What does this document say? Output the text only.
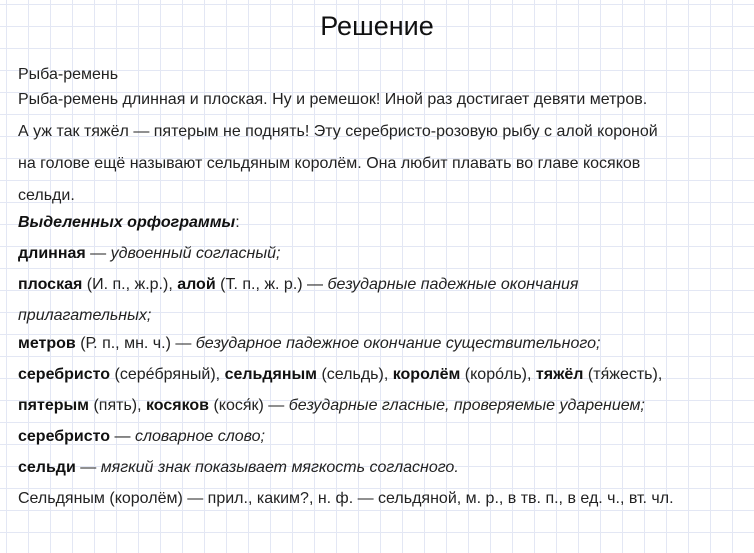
Решение
Рыба-ремень
Рыба-ремень длинная и плоская. Ну и ремешок! Иной раз достигает девяти метров.
А уж так тяжёл — пятерым не поднять! Эту серебристо-розовую рыбу с алой короной
на голове ещё называют сельдяным королём. Она любит плавать во главе косяков
сельди.
Выделенных орфограммы:
длинная — удвоенный согласный;
плоская (И. п., ж.р.), алой (Т. п., ж. р.) — безударные падежные окончания
прилагательных;
метров (Р. п., мн. ч.) — безударное падежное окончание существительного;
серебристо (серéбряный), сельдяным (сельдь), королём (корóль), тяжёл (тя́жесть),
пятерым (пять), косяков (кося́к) — безударные гласные, проверяемые ударением;
серебристо — словарное слово;
сельди — мягкий знак показывает мягкость согласного.
Сельдяным (королём) — прил., каким?, н. ф. — сельдяной, м. р., в тв. п., в ед. ч., вт. чл.
